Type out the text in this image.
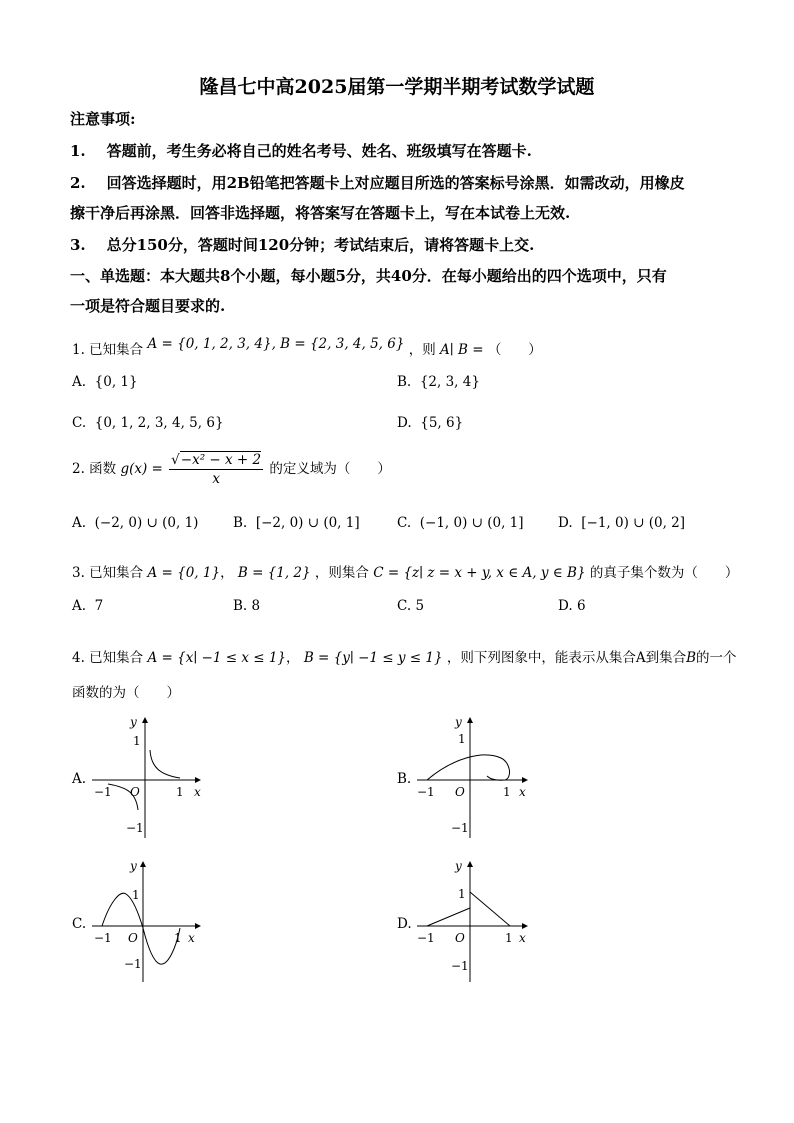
隆昌七中高2025届第一学期半期考试数学试题
注意事项:
1. 答题前，考生务必将自己的姓名考号、姓名、班级填写在答题卡.
2. 回答选择题时，用2B铅笔把答题卡上对应题目所选的答案标号涂黑．如需改动，用橡皮
擦干净后再涂黑．回答非选择题，将答案写在答题卡上，写在本试卷上无效.
3. 总分150分，答题时间120分钟；考试结束后，请将答题卡上交.
一、单选题：本大题共8个小题，每小题5分，共40分．在每小题给出的四个选项中，只有
一项是符合题目要求的.
1. 已知集合 A = {0, 1, 2, 3, 4}, B = {2, 3, 4, 5, 6} ，则 A∣ B = （　　）
A. {0, 1}	B. {2, 3, 4}
C. {0, 1, 2, 3, 4, 5, 6}	D. {5, 6}
2. 函数 $g(x) = \frac{\text{√−x² − x + 2}}{x}$ 的定义域为（　　）
A. (−2, 0) ∪ (0, 1)	B. [−2, 0) ∪ (0, 1]	C. (−1, 0) ∪ (0, 1]	D. [−1, 0) ∪ (0, 2]
3. 已知集合 A = {0, 1}， B = {1, 2} ，则集合 C = {z∣ z = x + y, x ∈ A, y ∈ B} 的真子集个数为（　　）
A. 7	B. 8	C. 5	D. 6
4. 已知集合 A = {x∣ −1 ≤ x ≤ 1}， B = {y∣ −1 ≤ y ≤ 1} ，则下列图象中，能表示从集合A到集合B的一个
函数的为（　　）
A.
y
x
O
1
−1
−1	1
B.
y
x
O
1
−1
−1	1
C.
y
x
O
1
−1
−1	1
D.
y
x
O
1
−1
−1	1
